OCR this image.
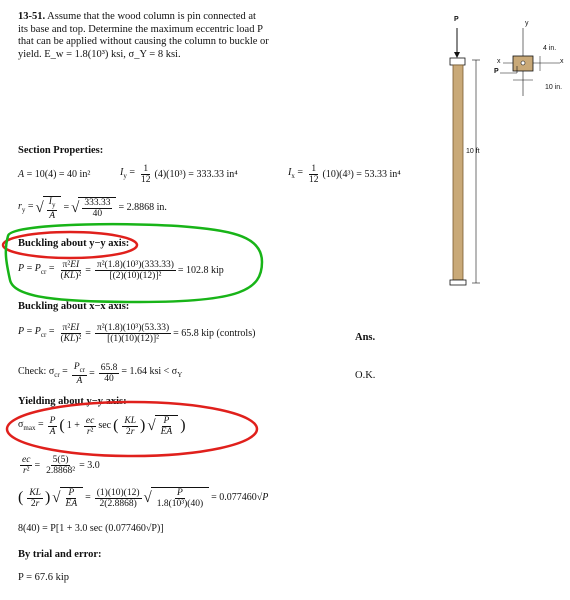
13-51. Assume that the wood column is pin connected at
its base and top. Determine the maximum eccentric load P
that can be applied without causing the column to buckle or
yield. E_w = 1.8(10³) ksi, σ_Y = 8 ksi.
P
10 ft
y
x
x
4 in.
10 in.
P
Section Properties:
A = 10(4) = 40 in²	$I_y = \frac{1}{12} (4)(10^3) = 333.33$ in⁴	$I_x = \frac{1}{12} (10)(4^3) = 53.33$ in⁴
$r_y$ = √ $\frac{I_y}{A}$ = √ $\frac{333.33}{40} = 2.8868$ in.
Buckling about y−y axis:
$P = P_{cr} = \frac{\text{π²EI}}{\text{(KL)²}} = \frac{\text{π²(1.8)(10³)(333.33)}}{\text{[(2)(10)(12)]²}} = 102.8$ kip
Buckling about x−x axis:
$P = P_{cr} = \frac{\text{π²EI}}{\text{(KL)²}} = \frac{\text{π²(1.8)(10³)(53.33)}}{\text{[(1)(10)(12)]²}} = 65.8$ kip (controls)	Ans.
Check: $\sigma_{cr} = \frac{P_{cr}}{A} = \frac{65.8}{40} = 1.64$ ksi < $\sigma_Y$	O.K.
Yielding about y−y axis:
$\sigma_{max} = \frac{P}{A}$ ( $1 + \frac{ec}{\text{r²}}$ sec ( $\frac{KL}{2r}$ ) √ $\frac{P}{EA}$ )
$\frac{ec}{\text{r²}} = \frac{5(5)}{\text{2.8868²}} = 3.0$
( $\frac{KL}{2r}$ ) √ $\frac{P}{EA} = \frac{(1)(10)(12)}{2(2.8868)}$ √ $\frac{P}{\text{1.8(10³)(40)}} = 0.077460√P$
8(40) = P[1 + 3.0 sec (0.077460√P)]
By trial and error:
P = 67.6 kip
